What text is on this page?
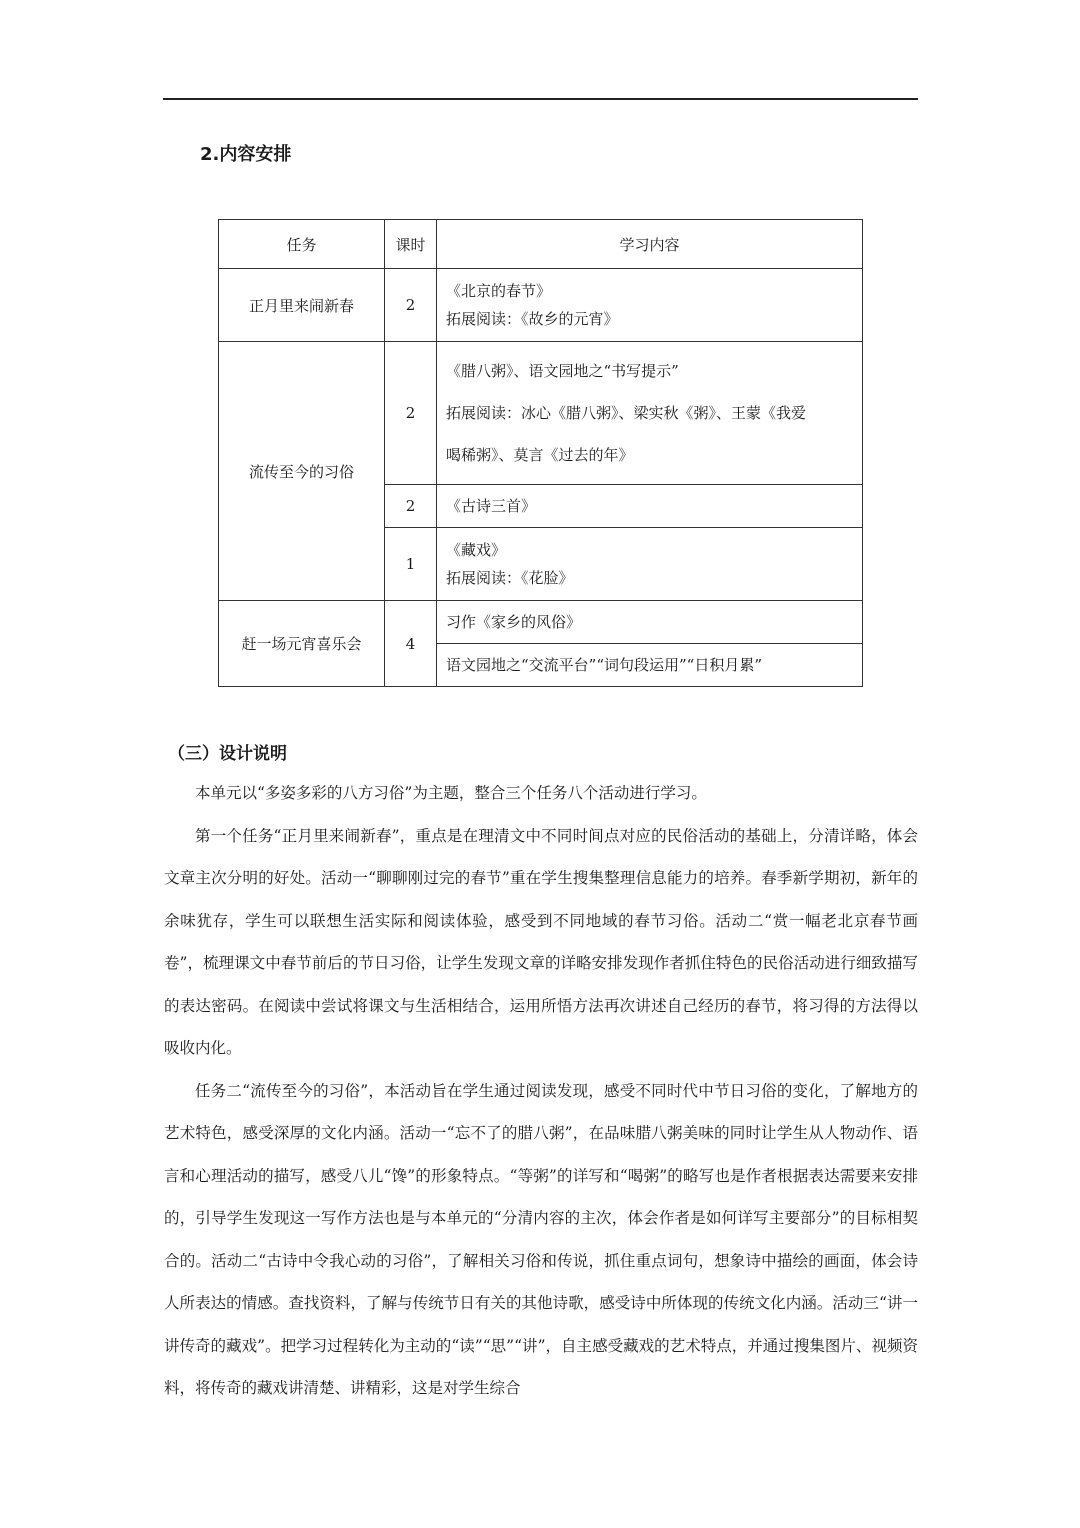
2.内容安排
任务	课时	学习内容
正月里来闹新春	2	《北京的春节》
拓展阅读：《故乡的元宵》

流传至今的习俗	2	《腊八粥》、语文园地之“书写提示”
拓展阅读：冰心《腊八粥》、梁实秋《粥》、王蒙《我爱
喝稀粥》、莫言《过去的年》

	2	《古诗三首》

	1	《藏戏》
拓展阅读：《花脸》

赶一场元宵喜乐会	4	习作《家乡的风俗》

		语文园地之“交流平台”“词句段运用”“日积月累”
（三）设计说明

本单元以“多姿多彩的八方习俗”为主题，整合三个任务八个活动进行学习。

第一个任务“正月里来闹新春”，重点是在理清文中不同时间点对应的民俗活动的基础上，分清详略，体会文章主次分明的好处。活动一“聊聊刚过完的春节”重在学生搜集整理信息能力的培养。春季新学期初，新年的余味犹存，学生可以联想生活实际和阅读体验，感受到不同地域的春节习俗。活动二“赏一幅老北京春节画卷”，梳理课文中春节前后的节日习俗，让学生发现文章的详略安排发现作者抓住特色的民俗活动进行细致描写的表达密码。在阅读中尝试将课文与生活相结合，运用所悟方法再次讲述自己经历的春节，将习得的方法得以吸收内化。

任务二“流传至今的习俗”，本活动旨在学生通过阅读发现，感受不同时代中节日习俗的变化，了解地方的艺术特色，感受深厚的文化内涵。活动一“忘不了的腊八粥”，在品味腊八粥美味的同时让学生从人物动作、语言和心理活动的描写，感受八儿“馋”的形象特点。“等粥”的详写和“喝粥”的略写也是作者根据表达需要来安排的，引导学生发现这一写作方法也是与本单元的“分清内容的主次，体会作者是如何详写主要部分”的目标相契合的。活动二“古诗中令我心动的习俗”，了解相关习俗和传说，抓住重点词句，想象诗中描绘的画面，体会诗人所表达的情感。查找资料，了解与传统节日有关的其他诗歌，感受诗中所体现的传统文化内涵。活动三“讲一讲传奇的藏戏”。把学习过程转化为主动的“读”“思”“讲”，自主感受藏戏的艺术特点，并通过搜集图片、视频资料，将传奇的藏戏讲清楚、讲精彩，这是对学生综合
